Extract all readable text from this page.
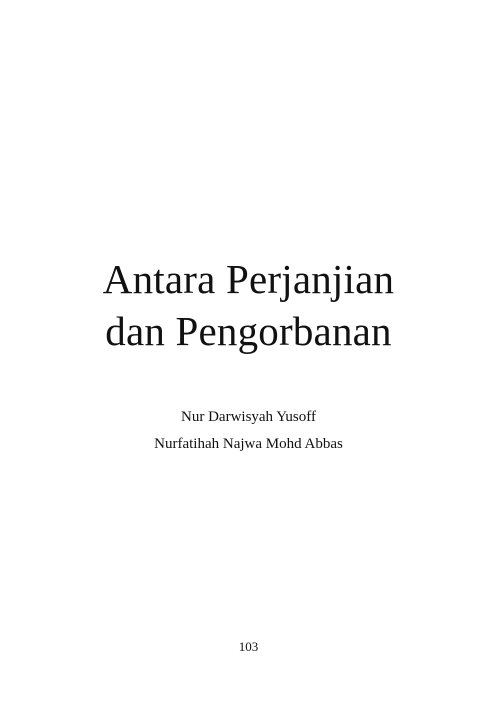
Antara Perjanjian
dan Pengorbanan
Nur Darwisyah Yusoff
Nurfatihah Najwa Mohd Abbas
103
